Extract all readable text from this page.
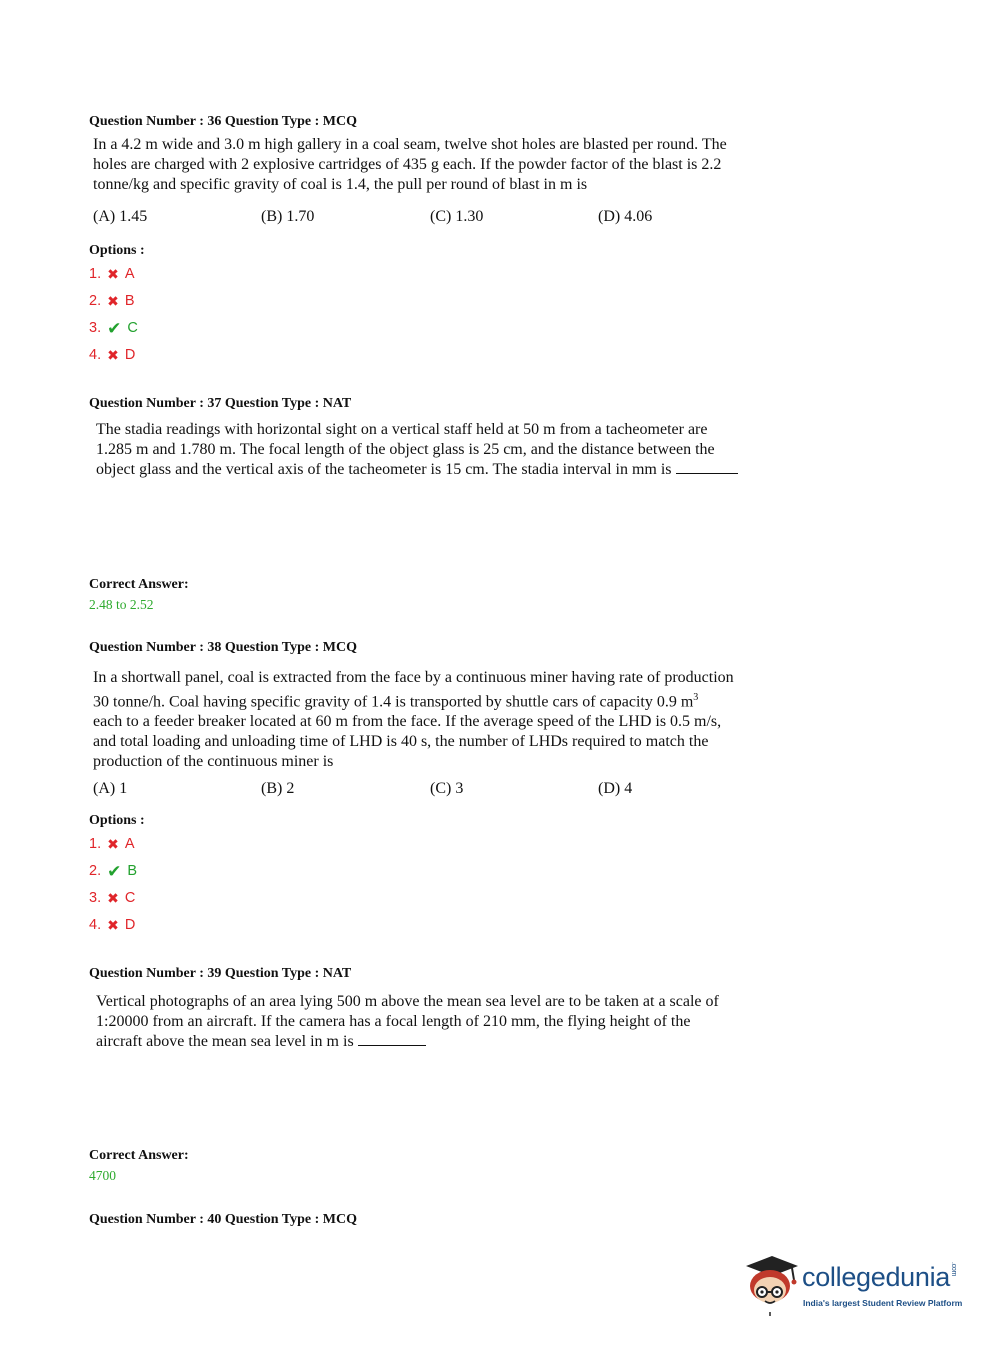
Question Number : 36 Question Type : MCQ
In a 4.2 m wide and 3.0 m high gallery in a coal seam, twelve shot holes are blasted per round. The
holes are charged with 2 explosive cartridges of 435 g each. If the powder factor of the blast is 2.2
tonne/kg and specific gravity of coal is 1.4, the pull per round of blast in m is
(A) 1.45	(B) 1.70	(C) 1.30	(D) 4.06
Options :
1. ✖ A
2. ✖ B
3. ✔ C
4. ✖ D
Question Number : 37 Question Type : NAT
The stadia readings with horizontal sight on a vertical staff held at 50 m from a tacheometer are
1.285 m and 1.780 m. The focal length of the object glass is 25 cm, and the distance between the
object glass and the vertical axis of the tacheometer is 15 cm. The stadia interval in mm is
Correct Answer:
2.48 to 2.52
Question Number : 38 Question Type : MCQ
In a shortwall panel, coal is extracted from the face by a continuous miner having rate of production
30 tonne/h. Coal having specific gravity of 1.4 is transported by shuttle cars of capacity 0.9 $m^3$
each to a feeder breaker located at 60 m from the face. If the average speed of the LHD is 0.5 m/s,
and total loading and unloading time of LHD is 40 s, the number of LHDs required to match the
production of the continuous miner is
(A) 1	(B) 2	(C) 3	(D) 4
Options :
1. ✖ A
2. ✔ B
3. ✖ C
4. ✖ D
Question Number : 39 Question Type : NAT
Vertical photographs of an area lying 500 m above the mean sea level are to be taken at a scale of
1:20000 from an aircraft. If the camera has a focal length of 210 mm, the flying height of the
aircraft above the mean sea level in m is
Correct Answer:
4700
Question Number : 40 Question Type : MCQ
collegedunia.com
India's largest Student Review Platform
